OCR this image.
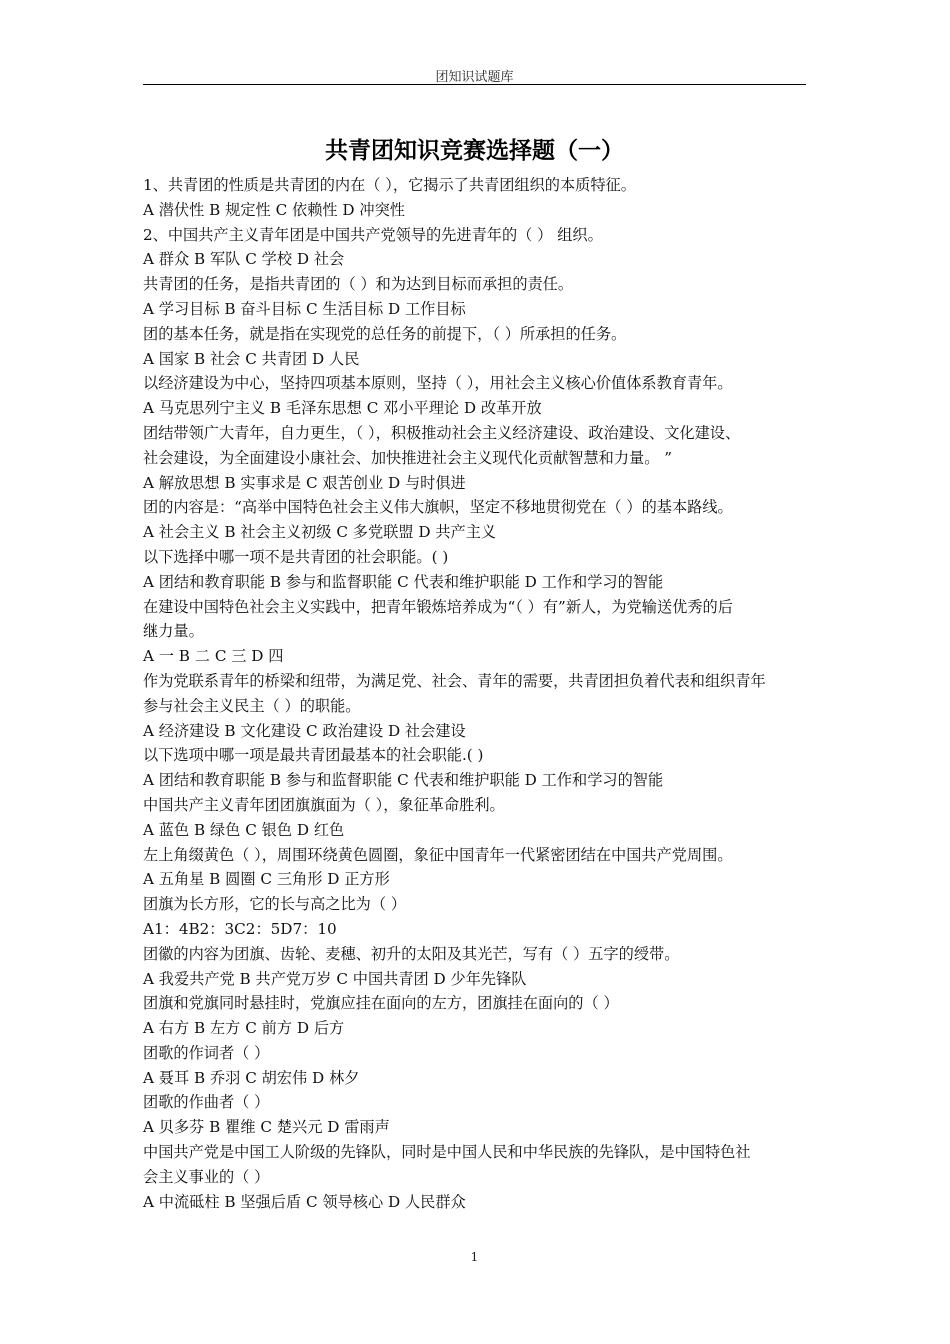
团知识试题库
共青团知识竞赛选择题（一）
1、共青团的性质是共青团的内在（ ），它揭示了共青团组织的本质特征。
A 潜伏性 B 规定性 C 依赖性 D 冲突性
2、中国共产主义青年团是中国共产党领导的先进青年的（ ） 组织。
A 群众 B 军队 C 学校 D 社会
共青团的任务，是指共青团的（ ）和为达到目标而承担的责任。
A 学习目标 B 奋斗目标 C 生活目标 D 工作目标
团的基本任务，就是指在实现党的总任务的前提下，（ ）所承担的任务。
A 国家 B 社会 C 共青团 D 人民
以经济建设为中心，坚持四项基本原则，坚持（ ），用社会主义核心价值体系教育青年。
A 马克思列宁主义 B 毛泽东思想 C 邓小平理论 D 改革开放
团结带领广大青年，自力更生，（ ），积极推动社会主义经济建设、政治建设、文化建设、
社会建设，为全面建设小康社会、加快推进社会主义现代化贡献智慧和力量。 ”
A 解放思想 B 实事求是 C 艰苦创业 D 与时俱进
团的内容是：“高举中国特色社会主义伟大旗帜，坚定不移地贯彻党在（ ）的基本路线。
A 社会主义 B 社会主义初级 C 多党联盟 D 共产主义
以下选择中哪一项不是共青团的社会职能。( )
A 团结和教育职能 B 参与和监督职能 C 代表和维护职能 D 工作和学习的智能
在建设中国特色社会主义实践中，把青年锻炼培养成为“（ ）有”新人，为党输送优秀的后
继力量。
A 一 B 二 C 三 D 四
作为党联系青年的桥梁和纽带，为满足党、社会、青年的需要，共青团担负着代表和组织青年
参与社会主义民主（ ）的职能。
A 经济建设 B 文化建设 C 政治建设 D 社会建设
以下选项中哪一项是最共青团最基本的社会职能.( )
A 团结和教育职能 B 参与和监督职能 C 代表和维护职能 D 工作和学习的智能
中国共产主义青年团团旗旗面为（ ），象征革命胜利。
A 蓝色 B 绿色 C 银色 D 红色
左上角缀黄色（ ），周围环绕黄色圆圈，象征中国青年一代紧密团结在中国共产党周围。
A 五角星 B 圆圈 C 三角形 D 正方形
团旗为长方形，它的长与高之比为（ ）
A1：4B2：3C2：5D7：10
团徽的内容为团旗、齿轮、麦穗、初升的太阳及其光芒，写有（ ）五字的绶带。
A 我爱共产党 B 共产党万岁 C 中国共青团 D 少年先锋队
团旗和党旗同时悬挂时，党旗应挂在面向的左方，团旗挂在面向的（ ）
A 右方 B 左方 C 前方 D 后方
团歌的作词者（ ）
A 聂耳 B 乔羽 C 胡宏伟 D 林夕
团歌的作曲者（ ）
A 贝多芬 B 瞿维 C 楚兴元 D 雷雨声
中国共产党是中国工人阶级的先锋队，同时是中国人民和中华民族的先锋队，是中国特色社
会主义事业的（ ）
A 中流砥柱 B 坚强后盾 C 领导核心 D 人民群众
1
